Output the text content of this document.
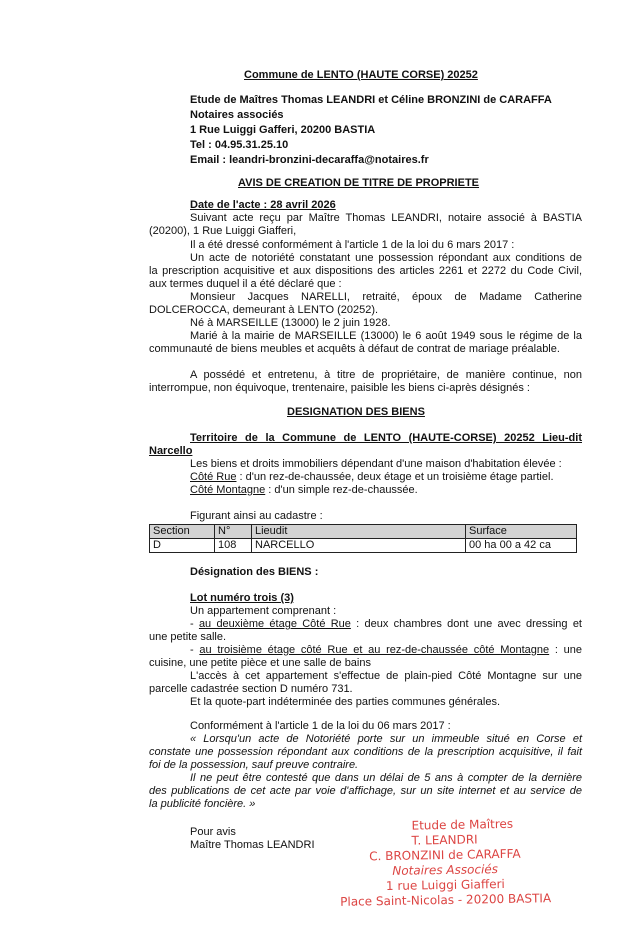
Commune de LENTO (HAUTE CORSE) 20252
Etude de Maîtres Thomas LEANDRI et Céline BRONZINI de CARAFFA
Notaires associés
1 Rue Luiggi Gafferi, 20200 BASTIA
Tel : 04.95.31.25.10
Email : leandri-bronzini-decaraffa@notaires.fr
AVIS DE CREATION DE TITRE DE PROPRIETE
Date de l'acte : 28 avril 2026
Suivant acte reçu par Maître Thomas LEANDRI, notaire associé à BASTIA
(20200), 1 Rue Luiggi Giafferi,
Il a été dressé conformément à l'article 1 de la loi du 6 mars 2017 :
Un acte de notoriété constatant une possession répondant aux conditions de
la prescription acquisitive et aux dispositions des articles 2261 et 2272 du Code Civil,
aux termes duquel il a été déclaré que :
Monsieur Jacques NARELLI, retraité, époux de Madame Catherine
DOLCEROCCA, demeurant à LENTO (20252).
Né à MARSEILLE (13000) le 2 juin 1928.
Marié à la mairie de MARSEILLE (13000) le 6 août 1949 sous le régime de la
communauté de biens meubles et acquêts à défaut de contrat de mariage préalable.
A possédé et entretenu, à titre de propriétaire, de manière continue, non
interrompue, non équivoque, trentenaire, paisible les biens ci-après désignés :
DESIGNATION DES BIENS
Territoire de la Commune de LENTO (HAUTE-CORSE) 20252 Lieu-dit
Narcello
Les biens et droits immobiliers dépendant d'une maison d'habitation élevée :
Côté Rue : d'un rez-de-chaussée, deux étage et un troisième étage partiel.
Côté Montagne : d'un simple rez-de-chaussée.
Figurant ainsi au cadastre :
Section	N°	Lieudit	Surface
D	108	NARCELLO	00 ha 00 a 42 ca
Désignation des BIENS :
Lot numéro trois (3)
Un appartement comprenant :
- au deuxième étage Côté Rue : deux chambres dont une avec dressing et
une petite salle.
- au troisième étage côté Rue et au rez-de-chaussée côté Montagne : une
cuisine, une petite pièce et une salle de bains
L'accès à cet appartement s'effectue de plain-pied Côté Montagne sur une
parcelle cadastrée section D numéro 731.
Et la quote-part indéterminée des parties communes générales.
Conformément à l'article 1 de la loi du 06 mars 2017 :
« Lorsqu'un acte de Notoriété porte sur un immeuble situé en Corse et
constate une possession répondant aux conditions de la prescription acquisitive, il fait
foi de la possession, sauf preuve contraire.
Il ne peut être contesté que dans un délai de 5 ans à compter de la dernière
des publications de cet acte par voie d'affichage, sur un site internet et au service de
la publicité foncière. »
Pour avis
Maître Thomas LEANDRI
Etude de Maîtres
T. LEANDRI
C. BRONZINI de CARAFFA
Notaires Associés
1 rue Luiggi Giafferi
Place Saint-Nicolas - 20200 BASTIA
